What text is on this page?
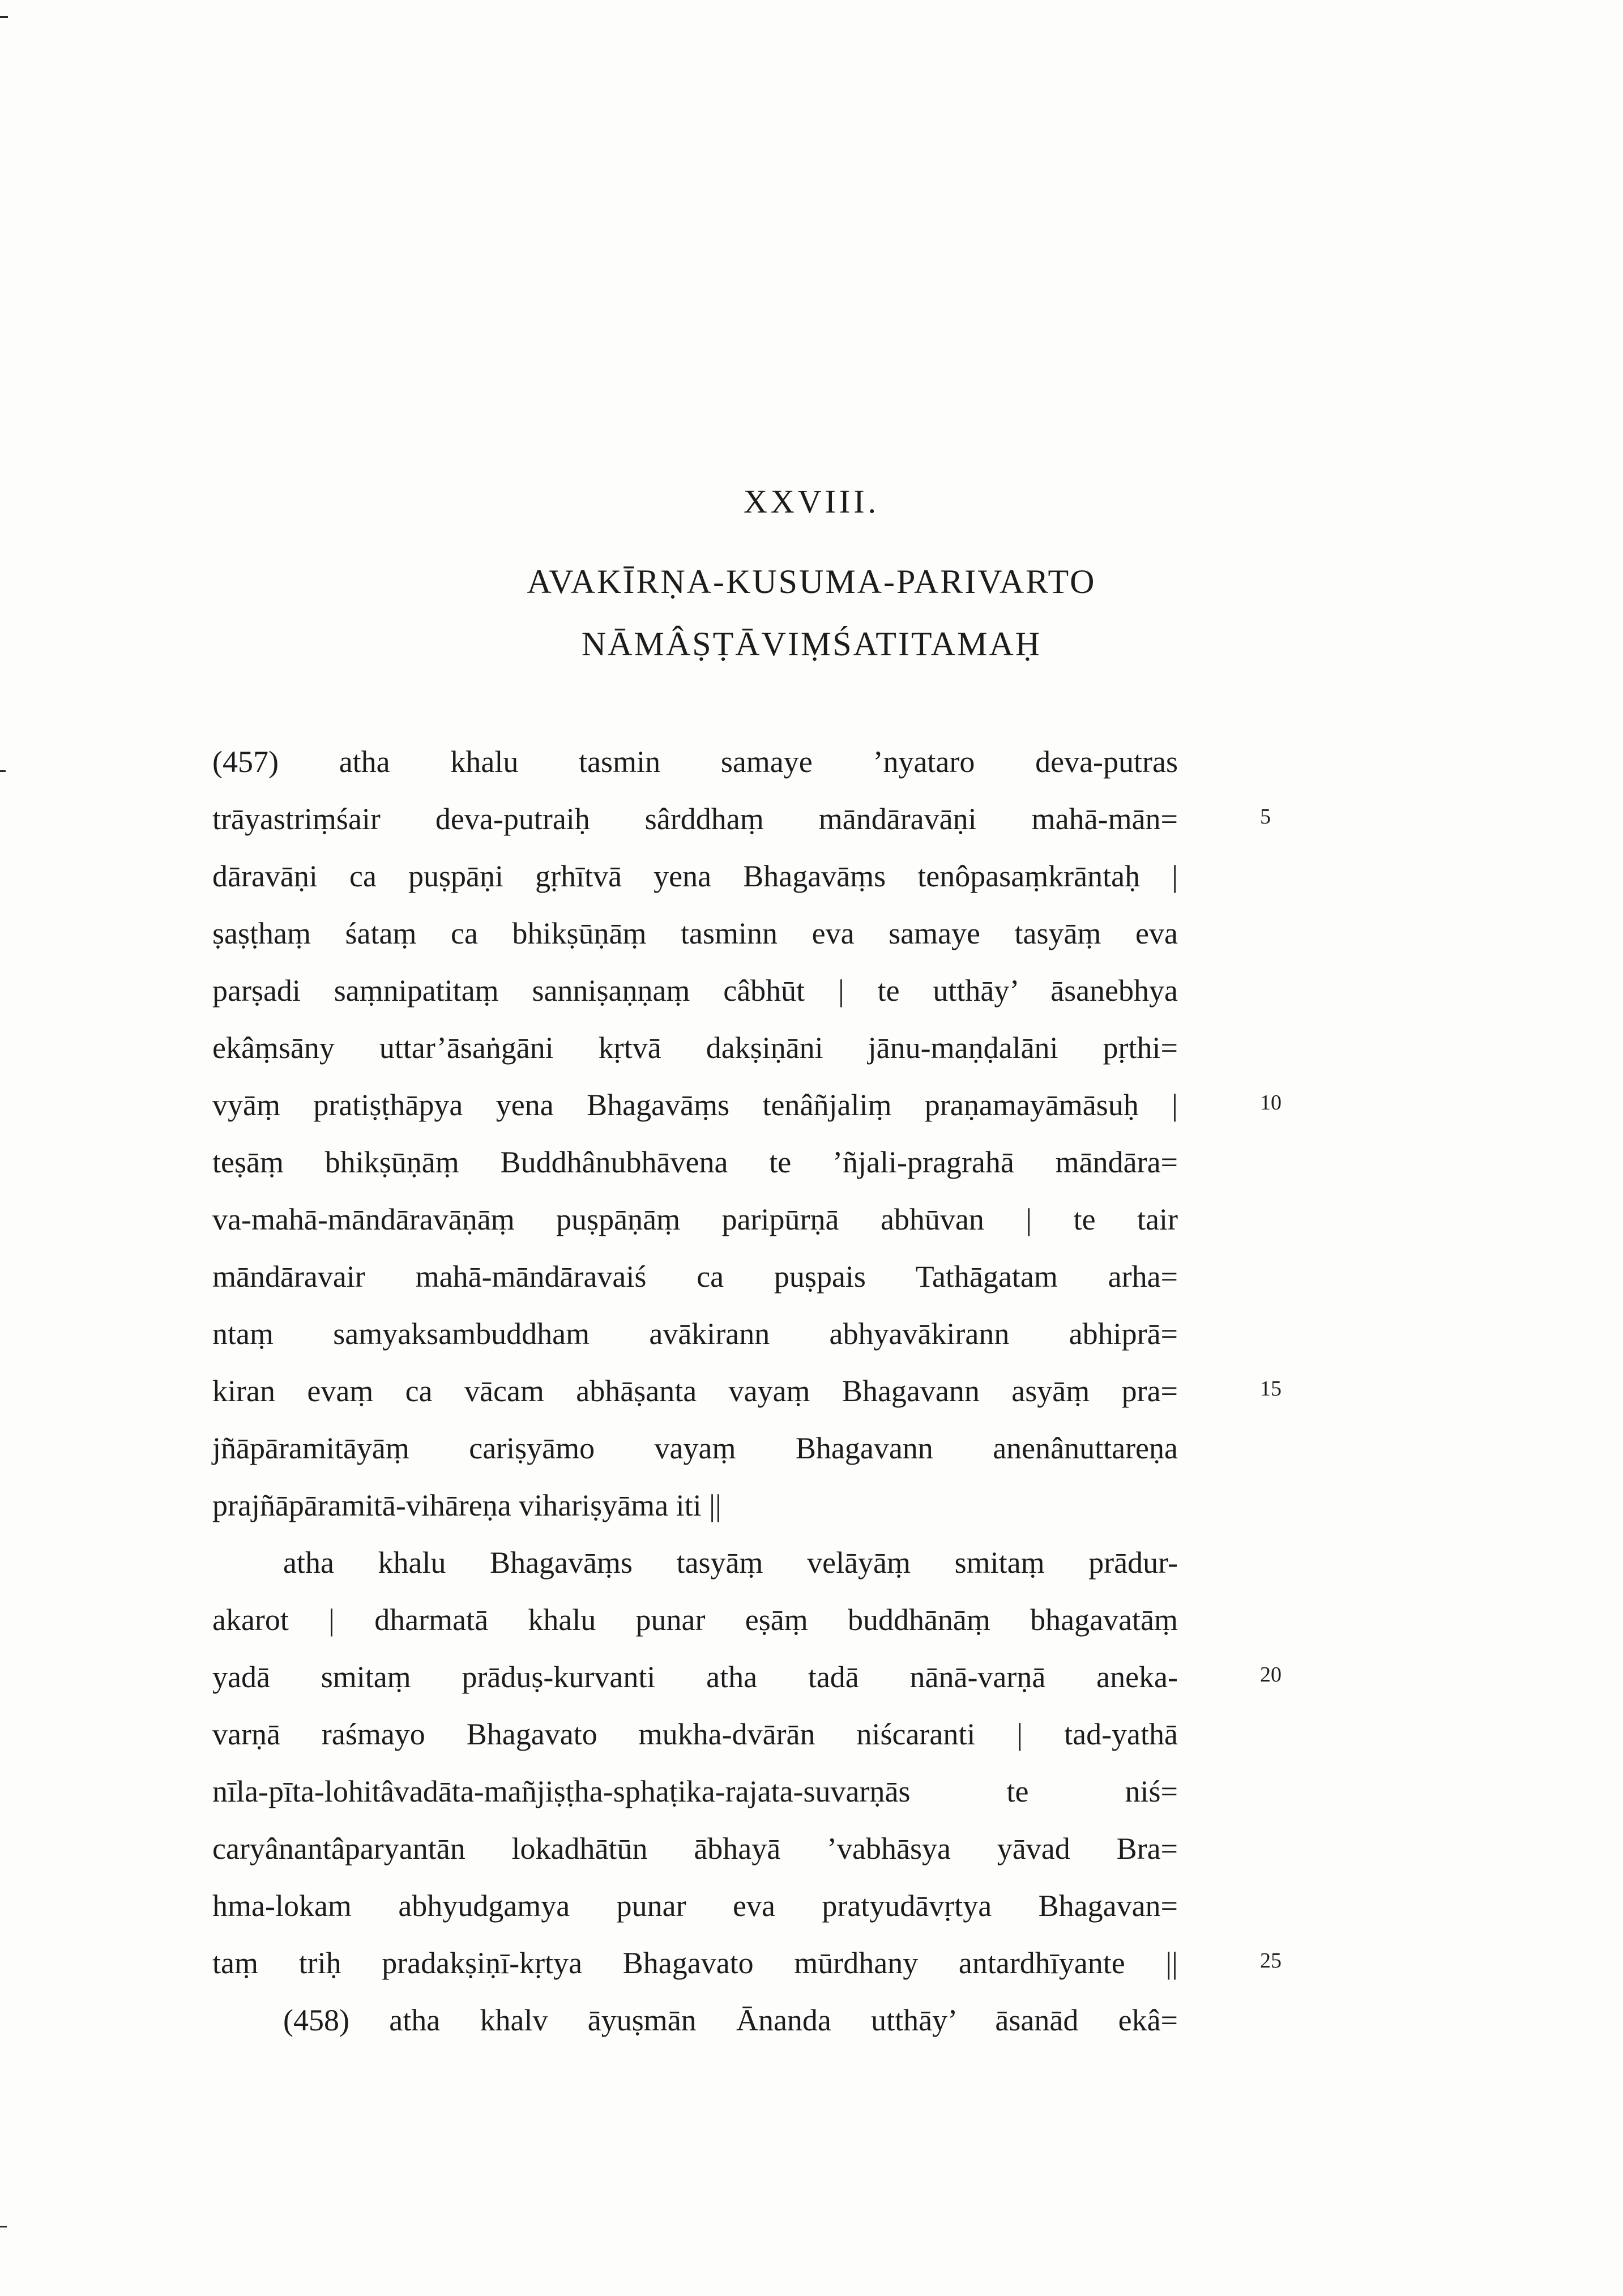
XXVIII.
AVAKĪRṆA-KUSUMA-PARIVARTO
NĀMÂṢṬĀVIṂŚATITAMAḤ
(457) atha khalu tasmin samaye ’nyataro deva-putras
trāyastriṃśair deva-putraiḥ sârddhaṃ māndāravāṇi mahā-mān=
dāravāṇi ca puṣpāṇi gṛhītvā yena Bhagavāṃs tenôpasaṃkrāntaḥ |
ṣaṣṭhaṃ śataṃ ca bhikṣūṇāṃ tasminn eva samaye tasyāṃ eva
parṣadi saṃnipatitaṃ sanniṣaṇṇaṃ câbhūt | te utthāy’ āsanebhya
ekâṃsāny uttar’āsaṅgāni kṛtvā dakṣiṇāni jānu-maṇḍalāni pṛthi=
vyāṃ pratiṣṭhāpya yena Bhagavāṃs tenâñjaliṃ praṇamayāmāsuḥ |
teṣāṃ bhikṣūṇāṃ Buddhânubhāvena te ’ñjali-pragrahā māndāra=
va-mahā-māndāravāṇāṃ puṣpāṇāṃ paripūrṇā abhūvan | te tair
māndāravair mahā-māndāravaiś ca puṣpais Tathāgatam arha=
ntaṃ samyaksambuddham avākirann abhyavākirann abhiprā=
kiran evaṃ ca vācam abhāṣanta vayaṃ Bhagavann asyāṃ pra=
jñāpāramitāyāṃ cariṣyāmo vayaṃ Bhagavann anenânuttareṇa
prajñāpāramitā-vihāreṇa vihariṣyāma iti ||
atha khalu Bhagavāṃs tasyāṃ velāyāṃ smitaṃ prādur-
akarot | dharmatā khalu punar eṣāṃ buddhānāṃ bhagavatāṃ
yadā smitaṃ prāduṣ-kurvanti atha tadā nānā-varṇā aneka-
varṇā raśmayo Bhagavato mukha-dvārān niścaranti | tad-yathā
nīla-pīta-lohitâvadāta-mañjiṣṭha-sphaṭika-rajata-suvarṇās te niś=
caryânantâparyantān lokadhātūn ābhayā ’vabhāsya yāvad Bra=
hma-lokam abhyudgamya punar eva pratyudāvṛtya Bhagavan=
taṃ triḥ pradakṣiṇī-kṛtya Bhagavato mūrdhany antardhīyante ||
(458) atha khalv āyuṣmān Ānanda utthāy’ āsanād ekâ=
5
10
15
20
25
